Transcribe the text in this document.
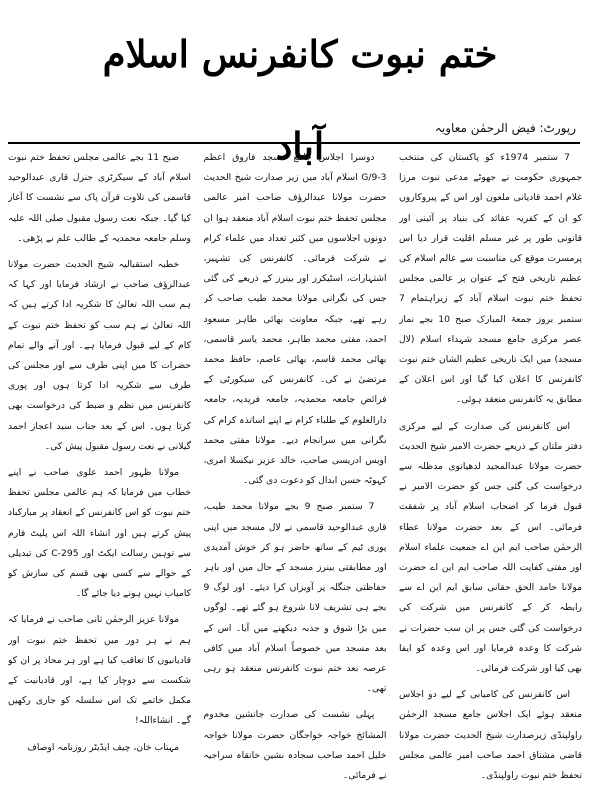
ختم نبوت کانفرنس اسلام آباد	رپورٹ: فیض الرحمٰن معاویہ

7 ستمبر 1974ء کو پاکستان کی منتخب جمہوری حکومت نے جھوٹے مدعی نبوت مرزا غلام احمد قادیانی ملعون اور اس کے پیروکاروں کو ان کے کفریہ عقائد کی بنیاد پر آئینی اور قانونی طور پر غیر مسلم اقلیت قرار دیا اس پرمسرت موقع کی مناسبت سے عالم اسلام کی عظیم تاریخی فتح کے عنوان پر عالمی مجلس تحفظ ختم نبوت اسلام آباد کے زیراہتمام 7 ستمبر بروز جمعۃ المبارک صبح 10 بجے نماز عصر مرکزی جامع مسجد شہداء اسلام (لال مسجد) میں ایک تاریخی عظیم الشان ختم نبوت کانفرنس کا اعلان کیا گیا اور اس اعلان کے مطابق یہ کانفرنس منعقد ہوئی۔

اس کانفرنس کی صدارت کے لیے مرکزی دفتر ملتان کے ذریعے حضرت الامیر شیخ الحدیث حضرت مولانا عبدالمجید لدھیانوی مدظلہ سے درخواست کی گئی جس کو حضرت الامیر نے قبول فرما کر اصحاب اسلام آباد پر شفقت فرمائی۔ اس کے بعد حضرت مولانا عطاء الرحمٰن صاحب ایم این اے جمعیت علماء اسلام اور مفتی کفایت اللہ صاحب ایم این اے حضرت مولانا حامد الحق حقانی سابق ایم این اے سے رابطہ کر کے کانفرنس میں شرکت کی درخواست کی گئی جس پر ان سب حضرات نے شرکت کا وعدہ فرمایا اور اس وعدہ کو ایفا بھی کیا اور شرکت فرمائی۔

اس کانفرنس کی کامیابی کے لیے دو اجلاس منعقد ہوئے ایک اجلاس جامع مسجد الرحمٰن راولپنڈی زیرصدارت شیخ الحدیث حضرت مولانا قاضی مشتاق احمد صاحب امیر عالمی مجلس تحفظ ختم نبوت راولپنڈی۔

دوسرا اجلاس جامع مسجد فاروق اعظم G/9-3 اسلام آباد میں زیر صدارت شیخ الحدیث حضرت مولانا عبدالرؤف صاحب امیر عالمی مجلس تحفظ ختم نبوت اسلام آباد منعقد ہوا ان دونوں اجلاسوں میں کثیر تعداد میں علماء کرام نے شرکت فرمائی۔ کانفرنس کی تشہیر، اشتہارات، اسٹیکرز اور بینرز کے ذریعے کی گئی جس کی نگرانی مولانا محمد طیب صاحب کر رہے تھے، جبکہ معاونت بھائی طاہر مسعود احمد، مفتی محمد طاہر، محمد یاسر قاسمی، بھائی محمد قاسم، بھائی عاصم، حافظ محمد مرتضیٰ نے کی۔ کانفرنس کی سیکورٹی کے فرائض جامعہ محمدیہ، جامعہ فریدیہ، جامعہ دارالعلوم کے طلباء کرام نے اپنے اساتذہ کرام کی نگرانی میں سرانجام دیے۔ مولانا مفتی محمد اویس ادریسی صاحب، خالد عزیز نیکسلا امری، کہوٹہ حسن ابدال کو دعوت دی گئی۔

7 ستمبر صبح 9 بجے مولانا محمد طیب، قاری عبدالوحید قاسمی نے لال مسجد میں اپنی پوری ٹیم کے ساتھ حاضر ہو کر خوش آمدیدی اور مطابقتی بینرز مسجد کے حال میں اور باہر حفاظتی جنگلہ پر آویزاں کرا دیئے۔ اور لوگ 9 بجے ہی تشریف لانا شروع ہو گئے تھے۔ لوگوں میں بڑا شوق و جذبہ دیکھنے میں آیا۔ اس کے بعد مسجد میں خصوصاً اسلام آباد میں کافی عرصہ بعد ختم نبوت کانفرنس منعقد ہو رہی تھی۔

پہلی نشست کی صدارت جانشین مخدوم المشائخ خواجہ خواجگان حضرت مولانا خواجہ خلیل احمد صاحب سجادہ نشین خانقاہ سراجیہ نے فرمائی۔

صبح 11 بجے عالمی مجلس تحفظ ختم نبوت اسلام آباد کے سیکرٹری جنرل قاری عبدالوحید قاسمی کی تلاوت قرآن پاک سے نشست کا آغاز کیا گیا۔ جبکہ نعت رسول مقبول صلی اللہ علیہ وسلم جامعہ محمدیہ کے طالب علم نے پڑھی۔

خطبہ استقبالیہ شیخ الحدیث حضرت مولانا عبدالرؤف صاحب نے ارشاد فرمایا اور کہا کہ ہم سب اللہ تعالیٰ کا شکریہ ادا کرتے ہیں کہ اللہ تعالیٰ نے ہم سب کو تحفظ ختم نبوت کے کام کے لیے قبول فرمایا ہے۔ اور آنے والے تمام حضرات کا میں اپنی طرف سے اور مجلس کی طرف سے شکریہ ادا کرتا ہوں اور پوری کانفرنس میں نظم و ضبط کی درخواست بھی کرتا ہوں۔ اس کے بعد جناب سید اعجاز احمد گیلانی نے نعت رسول مقبول پیش کی۔

مولانا ظہور احمد علوی صاحب نے اپنے خطاب میں فرمایا کہ ہم عالمی مجلس تحفظ ختم نبوت کو اس کانفرنس کے انعقاد پر مبارکباد پیش کرتے ہیں اور انشاء اللہ اس پلیٹ فارم سے توہین رسالت ایکٹ اور 295-C کی تبدیلی کے حوالے سے کسی بھی قسم کی سازش کو کامیاب نہیں ہونے دیا جائے گا۔

مولانا عزیز الرحمٰن ثانی صاحب نے فرمایا کہ ہم نے ہر دور میں تحفظ ختم نبوت اور قادیانیوں کا تعاقب کیا ہے اور ہر محاذ پر ان کو شکست سے دوچار کیا ہے، اور قادیانیت کے مکمل خاتمے تک اس سلسلہ کو جاری رکھیں گے۔ انشاءاللہ!

مہتاب خان، چیف ایڈیٹر روزنامہ اوصاف
